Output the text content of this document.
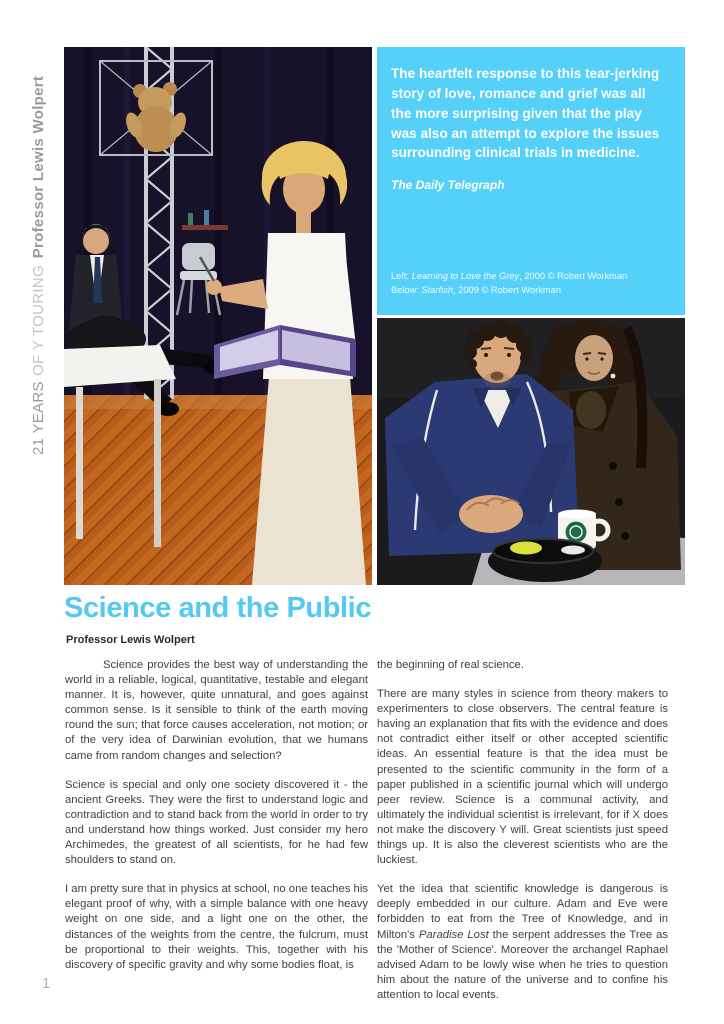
21 YEARSOF Y TOURINGProfessor Lewis Wolpert

The heartfelt response to this tear-jerking story of love, romance and grief was all the more surprising given that the play was also an attempt to explore the issues surrounding clinical trials in medicine.

The Daily Telegraph
Left: Learning to Love the Grey, 2000 © Robert Workman
Below: Starfish, 2009 © Robert Workman
Science and the Public
Professor Lewis Wolpert

Science provides the best way of understanding the world in a reliable, logical, quantitative, testable and elegant manner. It is, however, quite unnatural, and goes against common sense. Is it sensible to think of the earth moving round the sun; that force causes acceleration, not motion; or of the very idea of Darwinian evolution, that we humans came from random changes and selection?

Science is special and only one society discovered it - the ancient Greeks. They were the first to understand logic and contradiction and to stand back from the world in order to try and understand how things worked. Just consider my hero Archimedes, the greatest of all scientists, for he had few shoulders to stand on.

I am pretty sure that in physics at school, no one teaches his elegant proof of why, with a simple balance with one heavy weight on one side, and a light one on the other, the distances of the weights from the centre, the fulcrum, must be proportional to their weights. This, together with his discovery of specific gravity and why some bodies float, is

the beginning of real science.

There are many styles in science from theory makers to experimenters to close observers. The central feature is having an explanation that fits with the evidence and does not contradict either itself or other accepted scientific ideas. An essential feature is that the idea must be presented to the scientific community in the form of a paper published in a scientific journal which will undergo peer review. Science is a communal activity, and ultimately the individual scientist is irrelevant, for if X does not make the discovery Y will. Great scientists just speed things up. It is also the cleverest scientists who are the luckiest.

Yet the idea that scientific knowledge is dangerous is deeply embedded in our culture. Adam and Eve were forbidden to eat from the Tree of Knowledge, and in Milton's Paradise Lost the serpent addresses the Tree as the 'Mother of Science'. Moreover the archangel Raphael advised Adam to be lowly wise when he tries to question him about the nature of the universe and to confine his attention to local events.

1
